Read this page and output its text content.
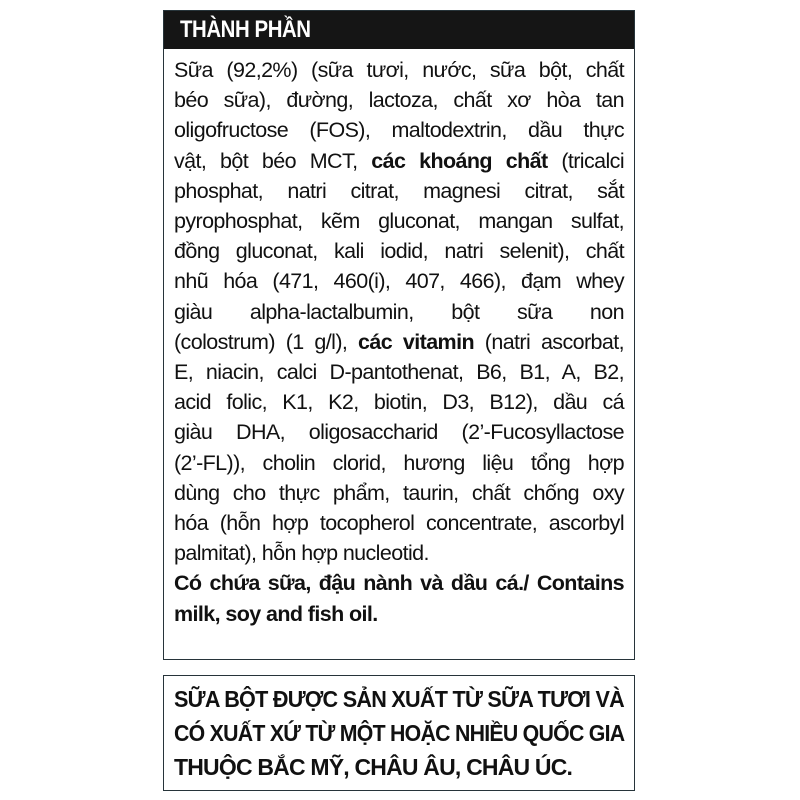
THÀNH PHẦN
Sữa (92,2%) (sữa tươi, nước, sữa bột, chất
béo sữa), đường, lactoza, chất xơ hòa tan
oligofructose (FOS), maltodextrin, dầu thực
vật, bột béo MCT, các khoáng chất (tricalci
phosphat, natri citrat, magnesi citrat, sắt
pyrophosphat, kẽm gluconat, mangan sulfat,
đồng gluconat, kali iodid, natri selenit), chất
nhũ hóa (471, 460(i), 407, 466), đạm whey
giàu alpha-lactalbumin, bột sữa non
(colostrum) (1 g/l), các vitamin (natri ascorbat,
E, niacin, calci D-pantothenat, B6, B1, A, B2,
acid folic, K1, K2, biotin, D3, B12), dầu cá
giàu DHA, oligosaccharid (2’-Fucosyllactose
(2’-FL)), cholin clorid, hương liệu tổng hợp
dùng cho thực phẩm, taurin, chất chống oxy
hóa (hỗn hợp tocopherol concentrate, ascorbyl
palmitat), hỗn hợp nucleotid.
Có chứa sữa, đậu nành và dầu cá./ Contains
milk, soy and fish oil.
SỮA BỘT ĐƯỢC SẢN XUẤT TỪ SỮA TƯƠI VÀ
CÓ XUẤT XỨ TỪ MỘT HOẶC NHIỀU QUỐC GIA
THUỘC BẮC MỸ, CHÂU ÂU, CHÂU ÚC.
